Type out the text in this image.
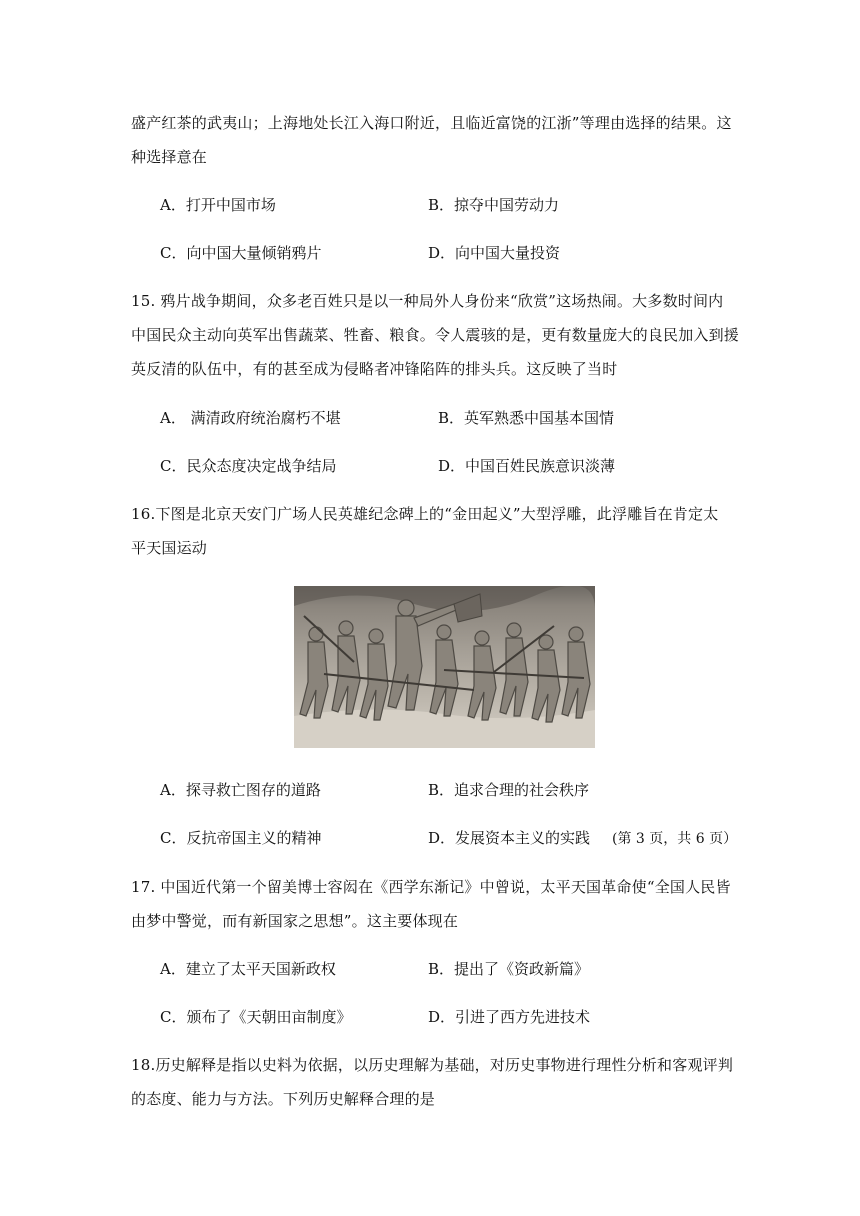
盛产红茶的武夷山；上海地处长江入海口附近，且临近富饶的江浙”等理由选择的结果。这
种选择意在
A．打开中国市场	B．掠夺中国劳动力
C．向中国大量倾销鸦片	D．向中国大量投资
15. 鸦片战争期间，众多老百姓只是以一种局外人身份来“欣赏”这场热闹。大多数时间内
中国民众主动向英军出售蔬菜、牲畜、粮食。令人震骇的是，更有数量庞大的良民加入到援
英反清的队伍中，有的甚至成为侵略者冲锋陷阵的排头兵。这反映了当时
A． 满清政府统治腐朽不堪	B．英军熟悉中国基本国情
C．民众态度决定战争结局	D．中国百姓民族意识淡薄
16.下图是北京天安门广场人民英雄纪念碑上的“金田起义”大型浮雕，此浮雕旨在肯定太
平天国运动
A．探寻救亡图存的道路	B．追求合理的社会秩序
C．反抗帝国主义的精神	D．发展资本主义的实践 (第 3 页，共 6 页）
17. 中国近代第一个留美博士容闳在《西学东渐记》中曾说，太平天国革命使“全国人民皆
由梦中警觉，而有新国家之思想”。这主要体现在
A．建立了太平天国新政权	B．提出了《资政新篇》
C．颁布了《天朝田亩制度》	D．引进了西方先进技术
18.历史解释是指以史料为依据，以历史理解为基础，对历史事物进行理性分析和客观评判
的态度、能力与方法。下列历史解释合理的是
